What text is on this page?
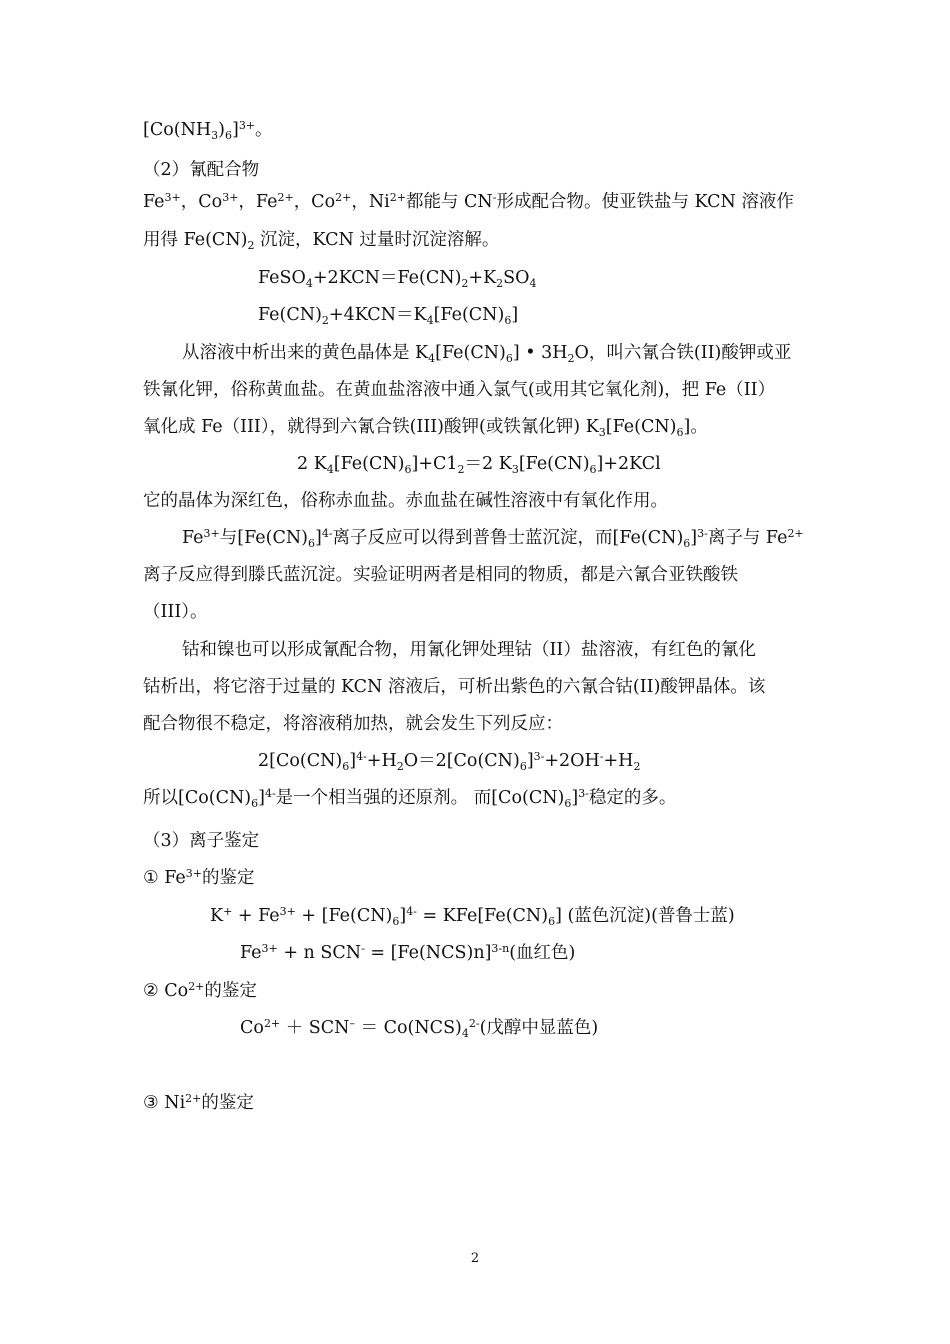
$[Co(NH_3)_6]^{3+}$。
（2）氰配合物
$Fe^{3+}$，$Co^{3+}$，$Fe^{2+}$，$Co^{2+}$，$Ni^{2+}$都能与 CN-形成配合物。使亚铁盐与 KCN 溶液作
用得 $Fe(CN)_2$ 沉淀，KCN 过量时沉淀溶解。
$FeSO_4+2KCN=Fe(CN)_2+K_2SO_4$
$Fe(CN)_2+4KCN=K_4[Fe(CN)_6]$
从溶液中析出来的黄色晶体是 $K_4[Fe(CN)_6]$ • $3H_2O$，叫六氰合铁(II)酸钾或亚
铁氰化钾，俗称黄血盐。在黄血盐溶液中通入氯气(或用其它氧化剂)，把 Fe（II）
氧化成 Fe（III），就得到六氰合铁(III)酸钾(或铁氰化钾) $K_3[Fe(CN)_6]$。
2 $K_4[Fe(CN)_6]+C1_2=2$ $K_3[Fe(CN)_6]+2KCl$
它的晶体为深红色，俗称赤血盐。赤血盐在碱性溶液中有氧化作用。
$Fe^{3+}$与$[Fe(CN)_6]^{4-}$离子反应可以得到普鲁士蓝沉淀，而$[Fe(CN)_6]^{3-}$离子与 $Fe^{2+}$
离子反应得到滕氏蓝沉淀。实验证明两者是相同的物质，都是六氰合亚铁酸铁
（III）。
钴和镍也可以形成氰配合物，用氰化钾处理钴（II）盐溶液，有红色的氰化
钴析出，将它溶于过量的 KCN 溶液后，可析出紫色的六氰合钴(II)酸钾晶体。该
配合物很不稳定，将溶液稍加热，就会发生下列反应：
$2[Co(CN)_6]^{4-}+H_2O=2[Co(CN)_6]^{3-}+2OH^-+H_2$
所以$[Co(CN)_6]^{4-}$是一个相当强的还原剂。 而$[Co(CN)_6]^{3-}$稳定的多。
（3）离子鉴定
① $Fe^{3+}$的鉴定
$K^+ + Fe^{3+} + [Fe(CN)_6]^{4-} = KFe[Fe(CN)_6]$ (蓝色沉淀)(普鲁士蓝)
$Fe^{3+} + n$ $SCN^- = [Fe(NCS)n]^{3-n}$(血红色)
② $Co^{2+}$的鉴定
$Co^{2+} + SCN^- = Co(NCS)_4^{2-}$(戊醇中显蓝色)
③ $Ni^{2+}$的鉴定
2
